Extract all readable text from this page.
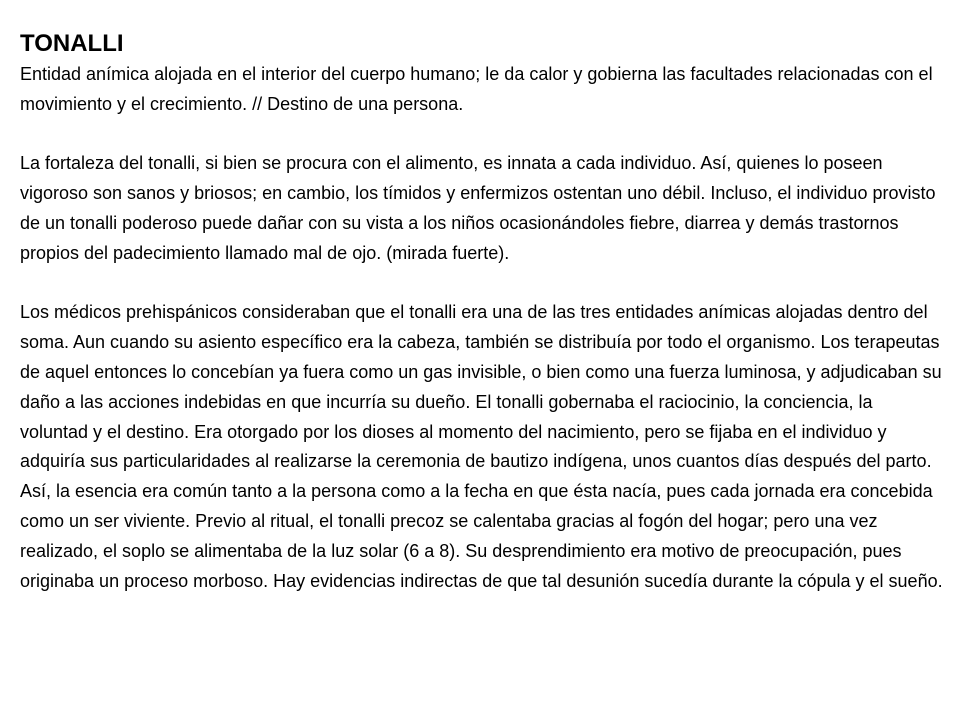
TONALLI

Entidad anímica alojada en el interior del cuerpo humano; le da calor y gobierna las facultades relacionadas con el movimiento y el crecimiento. // Destino de una persona.

La fortaleza del tonalli, si bien se procura con el alimento, es innata a cada individuo. Así, quienes lo poseen vigoroso son sanos y briosos; en cambio, los tímidos y enfermizos ostentan uno débil. Incluso, el individuo provisto de un tonalli poderoso puede dañar con su vista a los niños ocasionándoles fiebre, diarrea y demás trastornos propios del padecimiento llamado mal de ojo. (mirada fuerte).

Los médicos prehispánicos consideraban que el tonalli era una de las tres entidades anímicas alojadas dentro del soma. Aun cuando su asiento específico era la cabeza, también se distribuía por todo el organismo. Los terapeutas de aquel entonces lo concebían ya fuera como un gas invisible, o bien como una fuerza luminosa, y adjudicaban su daño a las acciones indebidas en que incurría su dueño. El tonalli gobernaba el raciocinio, la conciencia, la voluntad y el destino. Era otorgado por los dioses al momento del nacimiento, pero se fijaba en el individuo y adquiría sus particularidades al realizarse la ceremonia de bautizo indígena, unos cuantos días después del parto. Así, la esencia era común tanto a la persona como a la fecha en que ésta nacía, pues cada jornada era concebida como un ser viviente. Previo al ritual, el tonalli precoz se calentaba gracias al fogón del hogar; pero una vez realizado, el soplo se alimentaba de la luz solar (6 a 8). Su desprendimiento era motivo de preocupación, pues originaba un proceso morboso. Hay evidencias indirectas de que tal desunión sucedía durante la cópula y el sueño.
